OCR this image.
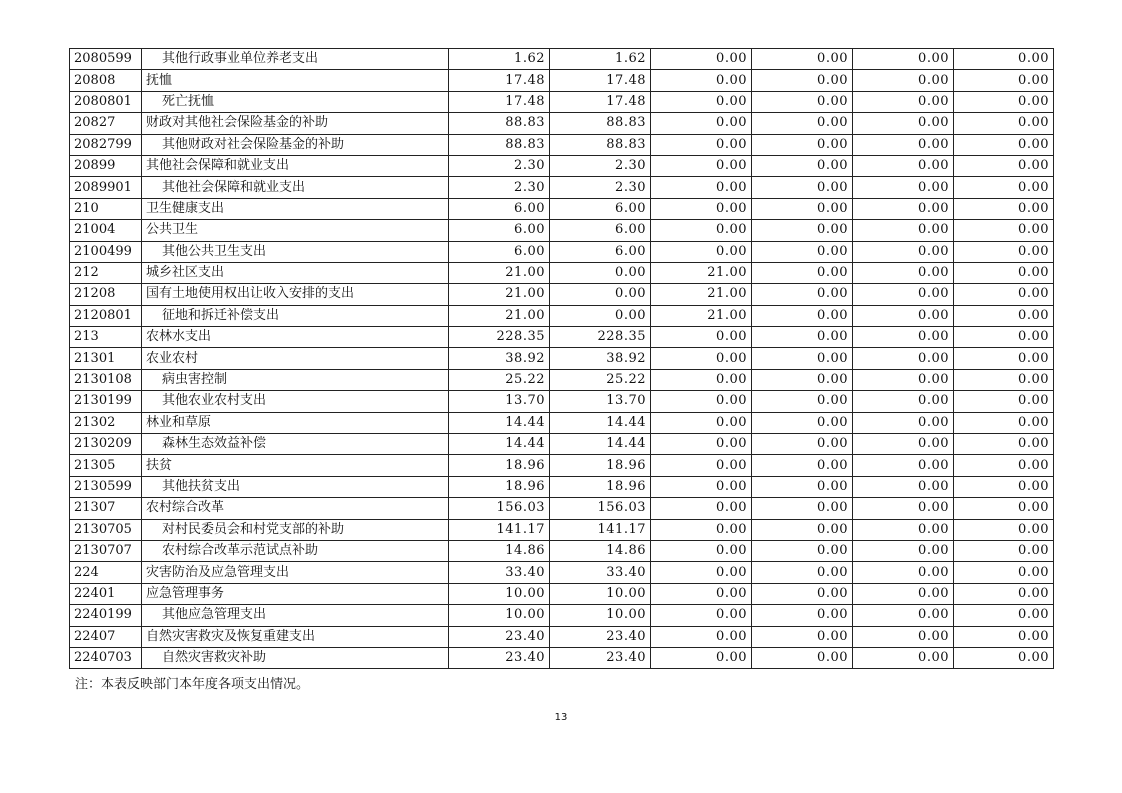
2080599	其他行政事业单位养老支出	1.62	1.62	0.00	0.00	0.00	0.00
20808	抚恤	17.48	17.48	0.00	0.00	0.00	0.00
2080801	死亡抚恤	17.48	17.48	0.00	0.00	0.00	0.00
20827	财政对其他社会保险基金的补助	88.83	88.83	0.00	0.00	0.00	0.00
2082799	其他财政对社会保险基金的补助	88.83	88.83	0.00	0.00	0.00	0.00
20899	其他社会保障和就业支出	2.30	2.30	0.00	0.00	0.00	0.00
2089901	其他社会保障和就业支出	2.30	2.30	0.00	0.00	0.00	0.00
210	卫生健康支出	6.00	6.00	0.00	0.00	0.00	0.00
21004	公共卫生	6.00	6.00	0.00	0.00	0.00	0.00
2100499	其他公共卫生支出	6.00	6.00	0.00	0.00	0.00	0.00
212	城乡社区支出	21.00	0.00	21.00	0.00	0.00	0.00
21208	国有土地使用权出让收入安排的支出	21.00	0.00	21.00	0.00	0.00	0.00
2120801	征地和拆迁补偿支出	21.00	0.00	21.00	0.00	0.00	0.00
213	农林水支出	228.35	228.35	0.00	0.00	0.00	0.00
21301	农业农村	38.92	38.92	0.00	0.00	0.00	0.00
2130108	病虫害控制	25.22	25.22	0.00	0.00	0.00	0.00
2130199	其他农业农村支出	13.70	13.70	0.00	0.00	0.00	0.00
21302	林业和草原	14.44	14.44	0.00	0.00	0.00	0.00
2130209	森林生态效益补偿	14.44	14.44	0.00	0.00	0.00	0.00
21305	扶贫	18.96	18.96	0.00	0.00	0.00	0.00
2130599	其他扶贫支出	18.96	18.96	0.00	0.00	0.00	0.00
21307	农村综合改革	156.03	156.03	0.00	0.00	0.00	0.00
2130705	对村民委员会和村党支部的补助	141.17	141.17	0.00	0.00	0.00	0.00
2130707	农村综合改革示范试点补助	14.86	14.86	0.00	0.00	0.00	0.00
224	灾害防治及应急管理支出	33.40	33.40	0.00	0.00	0.00	0.00
22401	应急管理事务	10.00	10.00	0.00	0.00	0.00	0.00
2240199	其他应急管理支出	10.00	10.00	0.00	0.00	0.00	0.00
22407	自然灾害救灾及恢复重建支出	23.40	23.40	0.00	0.00	0.00	0.00
2240703	自然灾害救灾补助	23.40	23.40	0.00	0.00	0.00	0.00
注：本表反映部门本年度各项支出情况。
13
